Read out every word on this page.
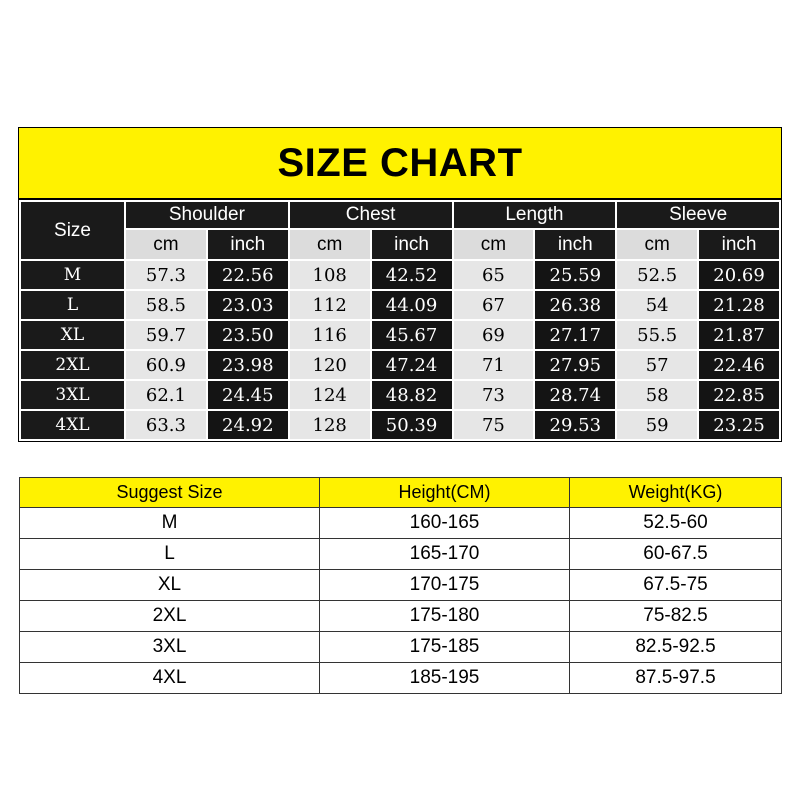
SIZE CHART
Size	Shoulder		Chest		Length		Sleeve	
	cm	inch	cm	inch	cm	inch	cm	inch
M	57.3	22.56	108	42.52	65	25.59	52.5	20.69
L	58.5	23.03	112	44.09	67	26.38	54	21.28
XL	59.7	23.50	116	45.67	69	27.17	55.5	21.87
2XL	60.9	23.98	120	47.24	71	27.95	57	22.46
3XL	62.1	24.45	124	48.82	73	28.74	58	22.85
4XL	63.3	24.92	128	50.39	75	29.53	59	23.25
Suggest Size	Height(CM)	Weight(KG)
M	160-165	52.5-60
L	165-170	60-67.5
XL	170-175	67.5-75
2XL	175-180	75-82.5
3XL	175-185	82.5-92.5
4XL	185-195	87.5-97.5
